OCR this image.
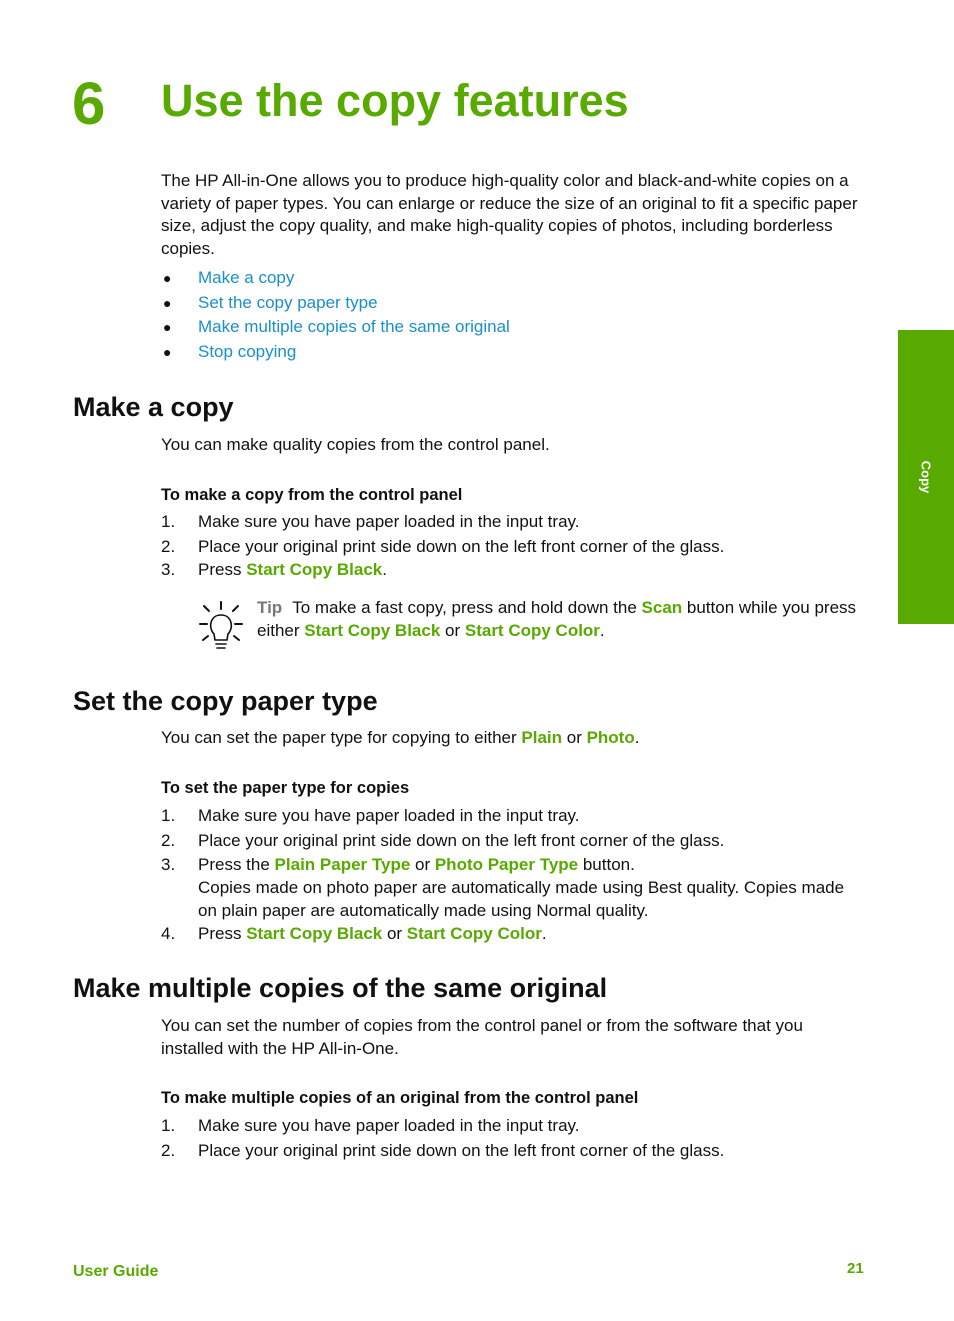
6 Use the copy features

The HP All-in-One allows you to produce high-quality color and black-and-white copies on a variety of paper types. You can enlarge or reduce the size of an original to fit a specific paper size, adjust the copy quality, and make high-quality copies of photos, including borderless copies.

● Make a copy
● Set the copy paper type
● Make multiple copies of the same original
● Stop copying
Make a copy

You can make quality copies from the control panel.

To make a copy from the control panel

1. Make sure you have paper loaded in the input tray.
2. Place your original print side down on the left front corner of the glass.
3. Press Start Copy Black.

Tip To make a fast copy, press and hold down the Scan button while you press either Start Copy Black or Start Copy Color.

Set the copy paper type

You can set the paper type for copying to either Plain or Photo.

To set the paper type for copies

1. Make sure you have paper loaded in the input tray.
2. Place your original print side down on the left front corner of the glass.
3. Press the Plain Paper Type or Photo Paper Type button.
Copies made on photo paper are automatically made using Best quality. Copies made on plain paper are automatically made using Normal quality.
4. Press Start Copy Black or Start Copy Color.
Make multiple copies of the same original

You can set the number of copies from the control panel or from the software that you installed with the HP All-in-One.

To make multiple copies of an original from the control panel

1. Make sure you have paper loaded in the input tray.
2. Place your original print side down on the left front corner of the glass.
Copy
User Guide	21
